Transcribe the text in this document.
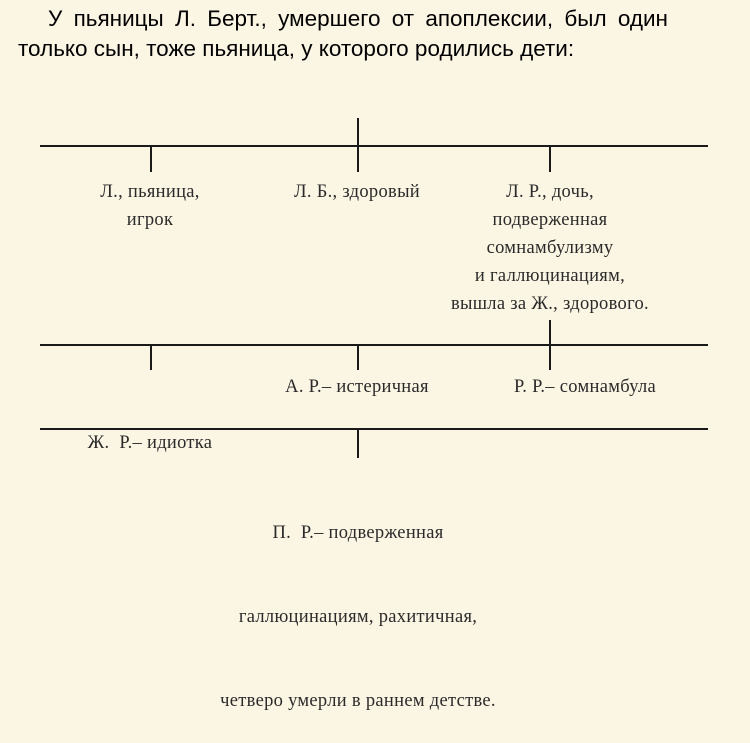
У пьяницы Л. Берт., умершего от апоплексии, был один только сын, тоже пьяница, у которого родились дети:

Л., пьяница,
игрок
Л. Б., здоровый	Л. Р., дочь,
подверженная
сомнамбулизму
и галлюцинациям,
вышла за Ж., здорового.

Ж.  Р.– идиотка

А. Р.– истеричная	Р. Р.– сомнамбула

П.  Р.– подверженная

галлюцинациям, рахитичная,

четверо умерли в раннем детстве.
